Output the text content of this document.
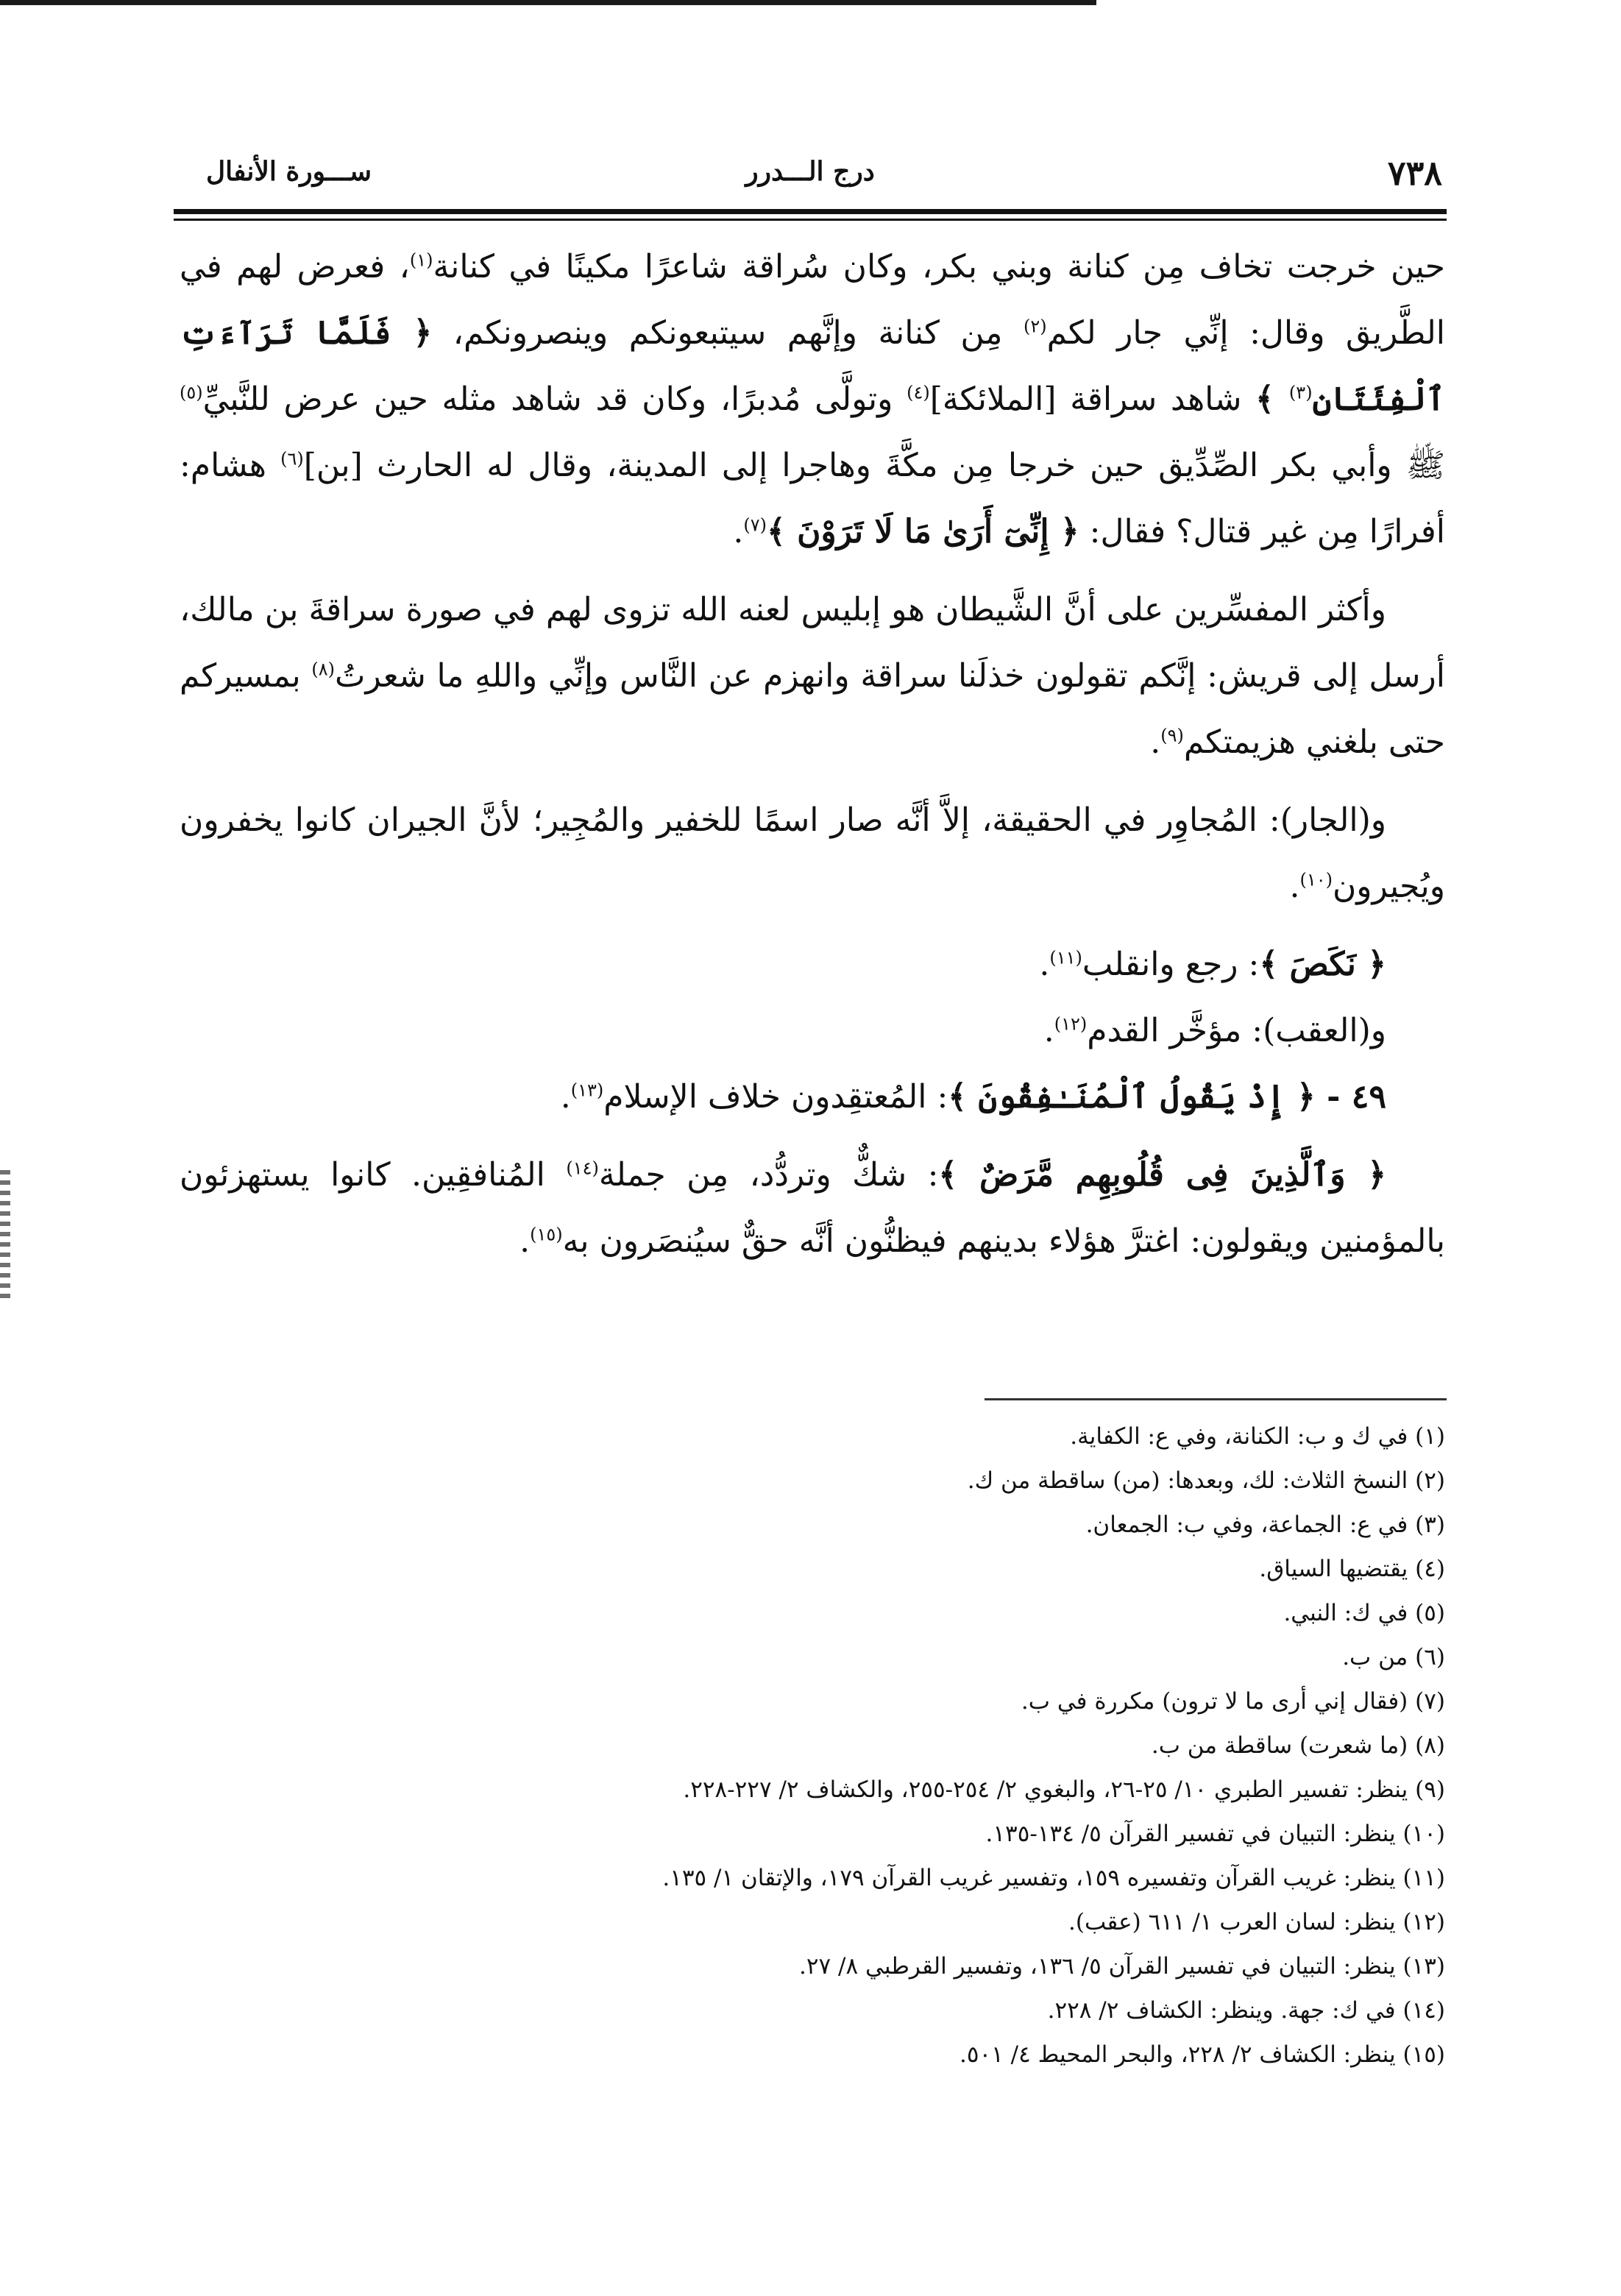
٧٣٨
درج الـــدرر
ســـورة الأنفال

حين خرجت تخاف مِن كنانة وبني بكر، وكان سُراقة شاعرًا مكينًا في كنانة$^{(١)}$، فعرض لهم في الطَّريق وقال: إنِّي جار لكم$^{(٢)}$ مِن كنانة وإنَّهم سيتبعونكم وينصرونكم، ﴿ فَلَمَّا تَرَآءَتِ ٱلْفِئَتَانِ$^{(٣)}$ ﴾ شاهد سراقة [الملائكة]$^{(٤)}$ وتولَّى مُدبرًا، وكان قد شاهد مثله حين عرض للنَّبيِّ$^{(٥)}$ ﷺ وأبي بكر الصِّدِّيق حين خرجا مِن مكَّةَ وهاجرا إلى المدينة، وقال له الحارث [بن]$^{(٦)}$ هشام: أفرارًا مِن غير قتال؟ فقال: ﴿ إِنِّىٓ أَرَىٰ مَا لَا تَرَوْنَ ﴾$^{(٧)}$.

وأكثر المفسِّرين على أنَّ الشَّيطان هو إبليس لعنه الله تزوى لهم في صورة سراقةَ بن مالك، أرسل إلى قريش: إنَّكم تقولون خذلَنا سراقة وانهزم عن النَّاس وإنِّي واللهِ ما شعرتُ$^{(٨)}$ بمسيركم حتى بلغني هزيمتكم$^{(٩)}$.

و(الجار): المُجاوِر في الحقيقة، إلاَّ أنَّه صار اسمًا للخفير والمُجِير؛ لأنَّ الجيران كانوا يخفرون ويُجيرون$^{(١٠)}$.

﴿ نَكَصَ ﴾: رجع وانقلب$^{(١١)}$.

و(العقب): مؤخَّر القدم$^{(١٢)}$.

٤٩ - ﴿ إِذْ يَقُولُ ٱلْمُنَـٰفِقُونَ ﴾: المُعتقِدون خلاف الإسلام$^{(١٣)}$.

﴿ وَٱلَّذِينَ فِى قُلُوبِهِم مَّرَضٌ ﴾: شكٌّ وتردُّد، مِن جملة$^{(١٤)}$ المُنافقِين. كانوا يستهزئون بالمؤمنين ويقولون: اغترَّ هؤلاء بدينهم فيظنُّون أنَّه حقٌّ سيُنصَرون به$^{(١٥)}$.

(١) في ك و ب: الكنانة، وفي ع: الكفاية.
(٢) النسخ الثلاث: لك، وبعدها: (من) ساقطة من ك.
(٣) في ع: الجماعة، وفي ب: الجمعان.
(٤) يقتضيها السياق.
(٥) في ك: النبي.
(٦) من ب.
(٧) (فقال إني أرى ما لا ترون) مكررة في ب.
(٨) (ما شعرت) ساقطة من ب.
(٩) ينظر: تفسير الطبري ١٠/ ٢٥-٢٦، والبغوي ٢/ ٢٥٤-٢٥٥، والكشاف ٢/ ٢٢٧-٢٢٨.
(١٠) ينظر: التبيان في تفسير القرآن ٥/ ١٣٤-١٣٥.
(١١) ينظر: غريب القرآن وتفسيره ١٥٩، وتفسير غريب القرآن ١٧٩، والإتقان ١/ ١٣٥.
(١٢) ينظر: لسان العرب ١/ ٦١١ (عقب).
(١٣) ينظر: التبيان في تفسير القرآن ٥/ ١٣٦، وتفسير القرطبي ٨/ ٢٧.
(١٤) في ك: جهة. وينظر: الكشاف ٢/ ٢٢٨.
(١٥) ينظر: الكشاف ٢/ ٢٢٨، والبحر المحيط ٤/ ٥٠١.
